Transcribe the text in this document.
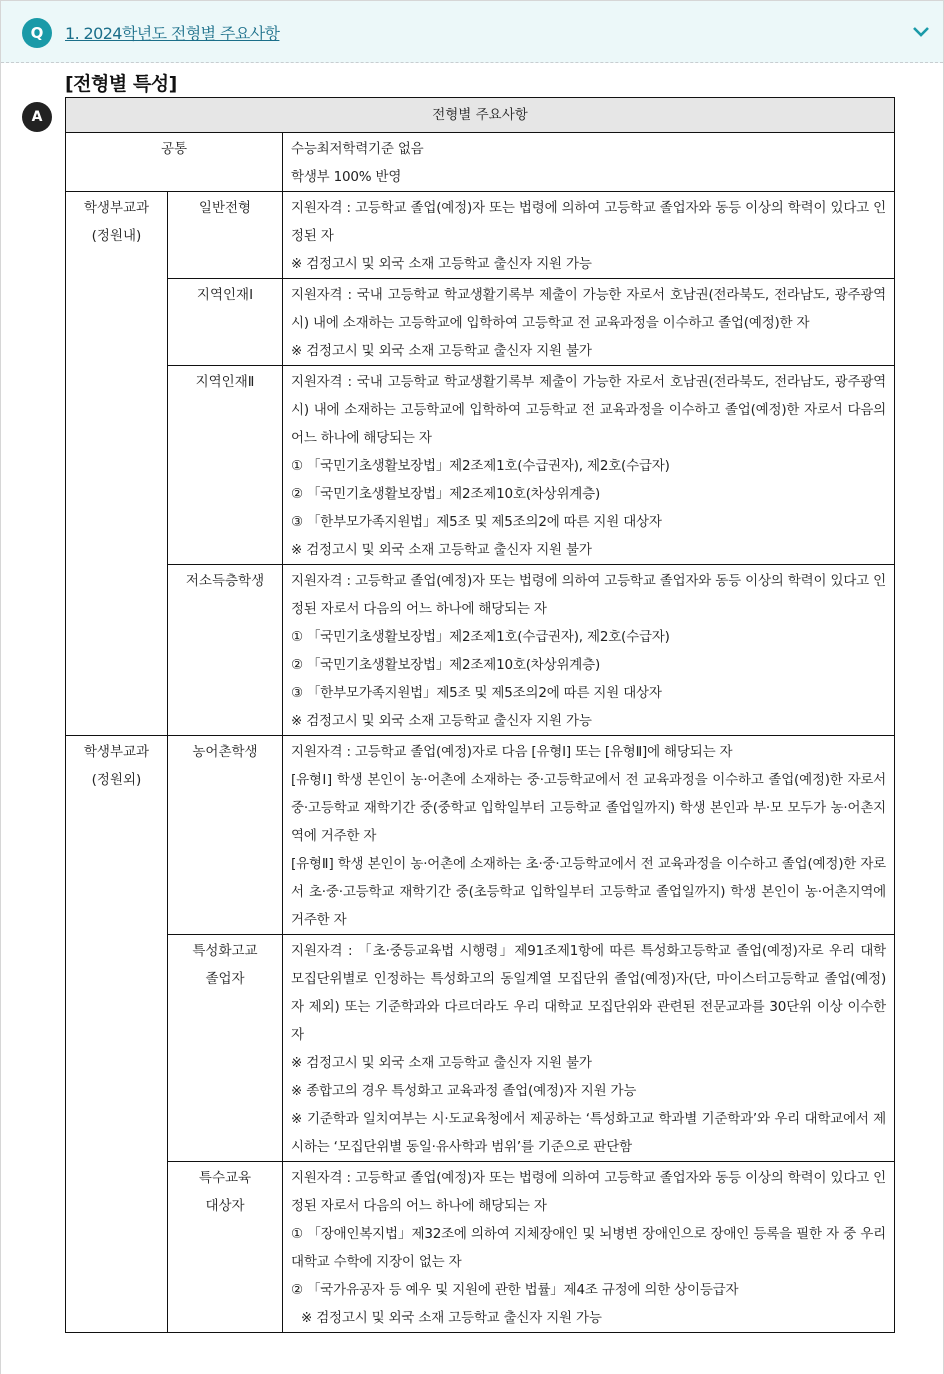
Q	1. 2024학년도 전형별 주요사항
[전형별 특성]
A	전형별 주요사항		
공통		수능최저학력기준 없음
학생부 100% 반영

학생부교과
(정원내)	일반전형	지원자격 : 고등학교 졸업(예정)자 또는 법령에 의하여 고등학교 졸업자와 동등 이상의 학력이 있다고 인정된 자
※ 검정고시 및 외국 소재 고등학교 출신자 지원 가능

	지역인재Ⅰ	지원자격 : 국내 고등학교 학교생활기록부 제출이 가능한 자로서 호남권(전라북도, 전라남도, 광주광역시) 내에 소재하는 고등학교에 입학하여 고등학교 전 교육과정을 이수하고 졸업(예정)한 자
※ 검정고시 및 외국 소재 고등학교 출신자 지원 불가

	지역인재Ⅱ	지원자격 : 국내 고등학교 학교생활기록부 제출이 가능한 자로서 호남권(전라북도, 전라남도, 광주광역시) 내에 소재하는 고등학교에 입학하여 고등학교 전 교육과정을 이수하고 졸업(예정)한 자로서 다음의 어느 하나에 해당되는 자
① 「국민기초생활보장법」제2조제1호(수급권자), 제2호(수급자)
② 「국민기초생활보장법」제2조제10호(차상위계층)
③ 「한부모가족지원법」제5조 및 제5조의2에 따른 지원 대상자
※ 검정고시 및 외국 소재 고등학교 출신자 지원 불가

	저소득층학생	지원자격 : 고등학교 졸업(예정)자 또는 법령에 의하여 고등학교 졸업자와 동등 이상의 학력이 있다고 인정된 자로서 다음의 어느 하나에 해당되는 자
① 「국민기초생활보장법」제2조제1호(수급권자), 제2호(수급자)
② 「국민기초생활보장법」제2조제10호(차상위계층)
③ 「한부모가족지원법」제5조 및 제5조의2에 따른 지원 대상자
※ 검정고시 및 외국 소재 고등학교 출신자 지원 가능

학생부교과
(정원외)	농어촌학생	지원자격 : 고등학교 졸업(예정)자로 다음 [유형Ⅰ] 또는 [유형Ⅱ]에 해당되는 자
[유형Ⅰ] 학생 본인이 농·어촌에 소재하는 중·고등학교에서 전 교육과정을 이수하고 졸업(예정)한 자로서 중·고등학교 재학기간 중(중학교 입학일부터 고등학교 졸업일까지) 학생 본인과 부·모 모두가 농·어촌지역에 거주한 자
[유형Ⅱ] 학생 본인이 농·어촌에 소재하는 초·중·고등학교에서 전 교육과정을 이수하고 졸업(예정)한 자로서 초·중·고등학교 재학기간 중(초등학교 입학일부터 고등학교 졸업일까지) 학생 본인이 농·어촌지역에 거주한 자

	특성화고교
졸업자	지원자격 : 「초·중등교육법 시행령」제91조제1항에 따른 특성화고등학교 졸업(예정)자로 우리 대학 모집단위별로 인정하는 특성화고의 동일계열 모집단위 졸업(예정)자(단, 마이스터고등학교 졸업(예정)자 제외) 또는 기준학과와 다르더라도 우리 대학교 모집단위와 관련된 전문교과를 30단위 이상 이수한 자
※ 검정고시 및 외국 소재 고등학교 출신자 지원 불가
※ 종합고의 경우 특성화고 교육과정 졸업(예정)자 지원 가능
※ 기준학과 일치여부는 시·도교육청에서 제공하는 ‘특성화고교 학과별 기준학과’와 우리 대학교에서 제시하는 ‘모집단위별 동일·유사학과 범위’를 기준으로 판단함

	특수교육
대상자	지원자격 : 고등학교 졸업(예정)자 또는 법령에 의하여 고등학교 졸업자와 동등 이상의 학력이 있다고 인정된 자로서 다음의 어느 하나에 해당되는 자
① 「장애인복지법」제32조에 의하여 지체장애인 및 뇌병변 장애인으로 장애인 등록을 필한 자 중 우리 대학교 수학에 지장이 없는 자
② 「국가유공자 등 예우 및 지원에 관한 법률」제4조 규정에 의한 상이등급자
※ 검정고시 및 외국 소재 고등학교 출신자 지원 가능
